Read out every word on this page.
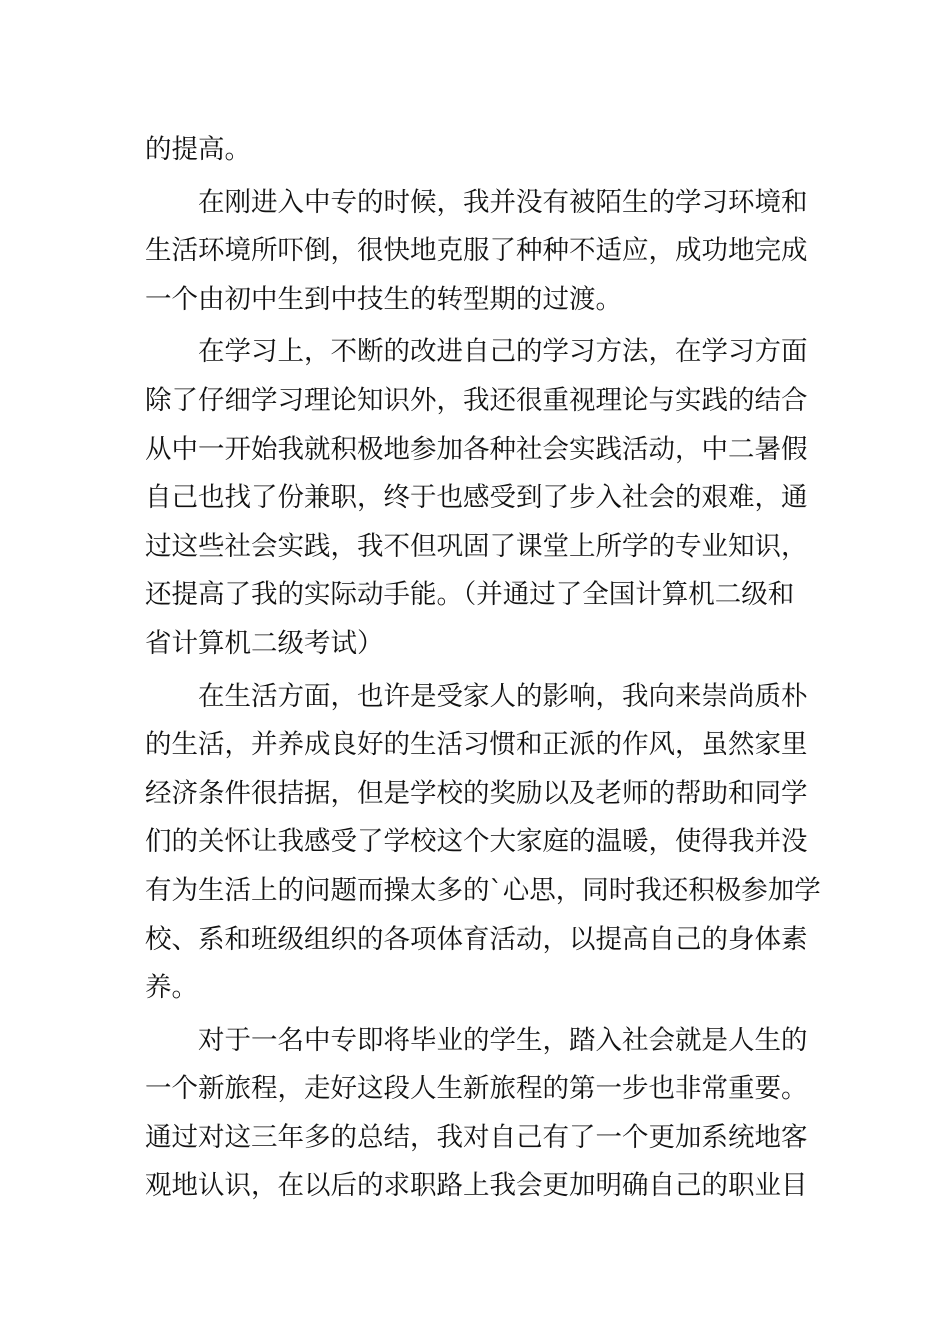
的提高。
在刚进入中专的时候，我并没有被陌生的学习环境和
生活环境所吓倒，很快地克服了种种不适应，成功地完成
一个由初中生到中技生的转型期的过渡。
在学习上，不断的改进自己的学习方法，在学习方面
除了仔细学习理论知识外，我还很重视理论与实践的结合
从中一开始我就积极地参加各种社会实践活动，中二暑假
自己也找了份兼职，终于也感受到了步入社会的艰难，通
过这些社会实践，我不但巩固了课堂上所学的专业知识，
还提高了我的实际动手能。（并通过了全国计算机二级和
省计算机二级考试）
在生活方面，也许是受家人的影响，我向来崇尚质朴
的生活，并养成良好的生活习惯和正派的作风，虽然家里
经济条件很拮据，但是学校的奖励以及老师的帮助和同学
们的关怀让我感受了学校这个大家庭的温暖，使得我并没
有为生活上的问题而操太多的`心思，同时我还积极参加学
校、系和班级组织的各项体育活动，以提高自己的身体素
养。
对于一名中专即将毕业的学生，踏入社会就是人生的
一个新旅程，走好这段人生新旅程的第一步也非常重要。
通过对这三年多的总结，我对自己有了一个更加系统地客
观地认识，在以后的求职路上我会更加明确自己的职业目
